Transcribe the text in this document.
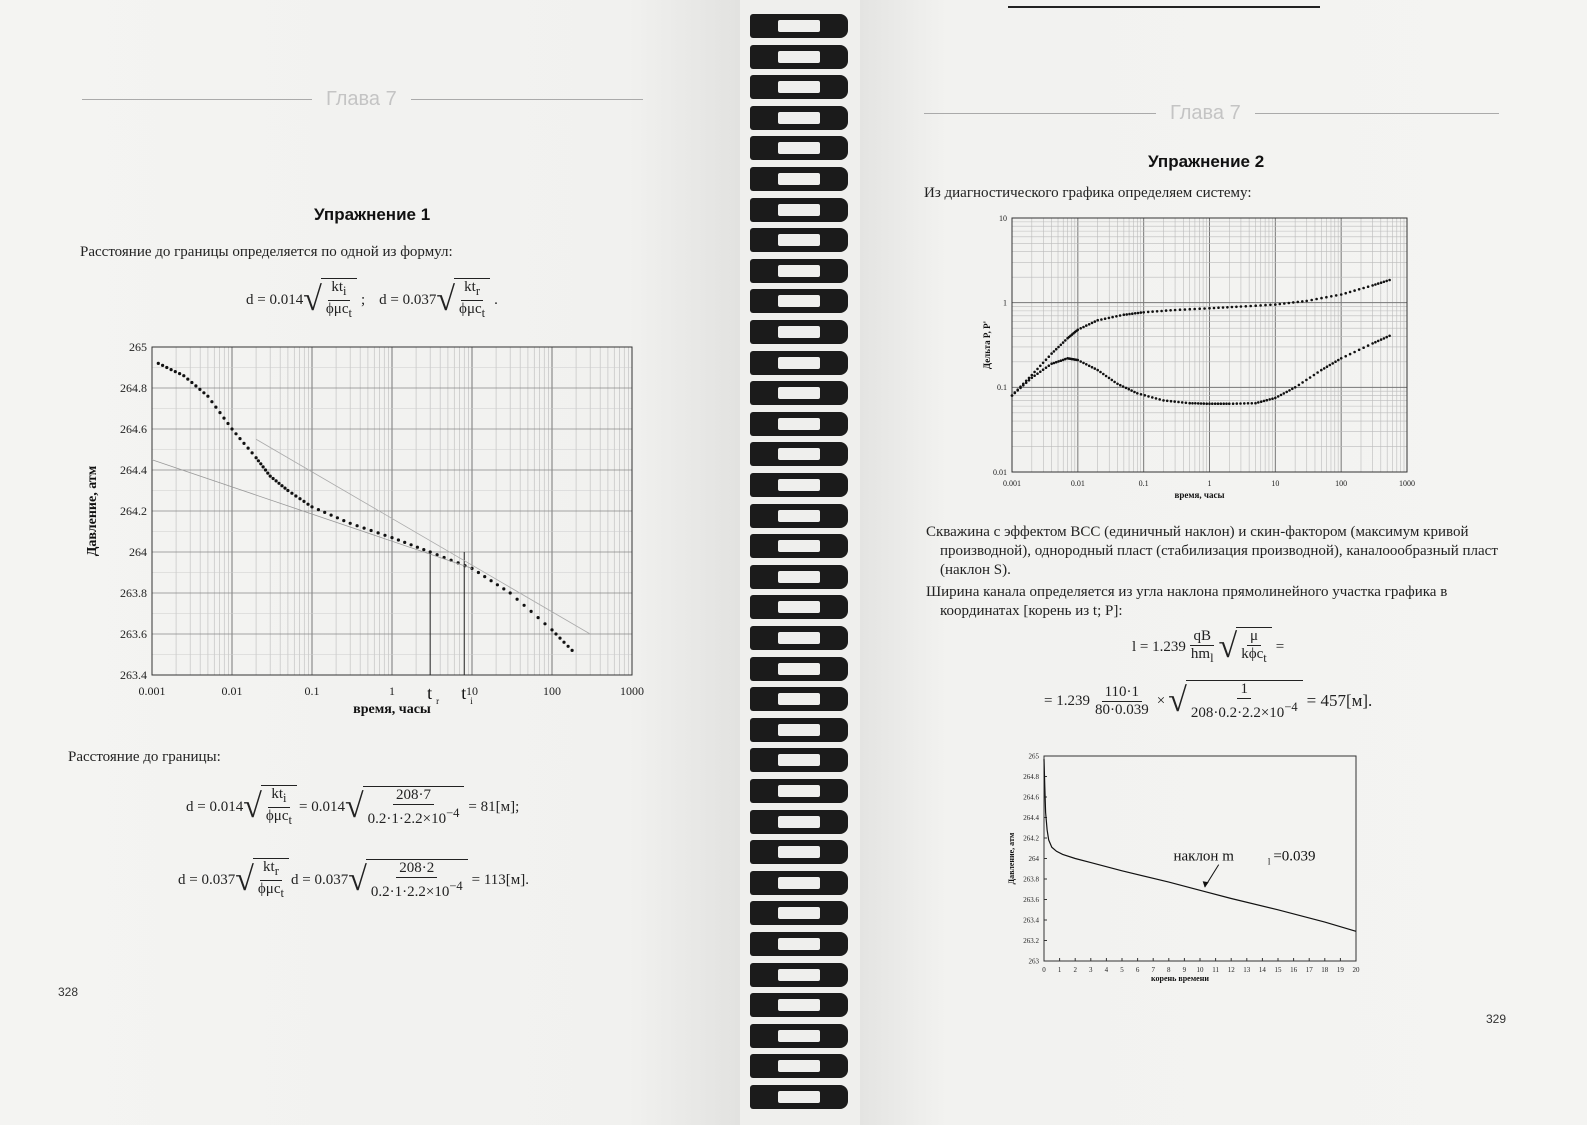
Глава 7
Упражнение 1
Расстояние до границы определяется по одной из формул:
d = 0.014 √ $\frac{kt_i}{\phi\mu c_t}$ ; d = 0.037 √ $\frac{kt_r}{\phi\mu c_t}$ .
0.001	0.01	0.1	1	10	100	1000
265
264.8
264.6
264.4
264.2
264
263.8
263.6
263.4
время, часы
Давление, атм
t r t i
Расстояние до границы:
d = 0.014 √ $\frac{kt_i}{\phi\mu c_t} = 0.014$ √ $\frac{208\cdot 7}{0.2\cdot 1\cdot 2.2\times 10^{-4}} = 81[м]$;
d = 0.037 √ $\frac{kt_r}{\phi\mu c_t}$ d = 0.037 √ $\frac{208\cdot 2}{0.2\cdot 1\cdot 2.2\times 10^{-4}} = 113[м]$.
328
Глава 7
Упражнение 2
Из диагностического графика определяем систему:
0.001	0.01	0.1	1	10	100	1000
10
1
0.1
0.01
время, часы
Дельта P, P'
Скважина с эффектом ВСС (единичный наклон) и скин-фактором (максимум кривой производной), однородный пласт (стабилизация производной), каналоообразный пласт (наклон S).
Ширина канала определяется из угла наклона прямолинейного участка графика в координатах [корень из t; P]:
$l = 1.239 \frac{qB}{hm_l}$ √ $\frac{\mu}{k\phi c_t}$ =
= $1.239 \frac{110\cdot 1}{80\cdot 0.039}$ × √ $\frac{1}{208\cdot 0.2\cdot 2.2\times 10^{-4}} = 457[м]$.
0 1 2 3 4 5 6 7 8 9 10 11 12 13 14 15 16 17 18 19 20
265
264.8
264.6
264.4
264.2
264
263.8
263.6
263.4
263.2
263
корень времени
Давление, атм	наклон m	l =0.039
329
